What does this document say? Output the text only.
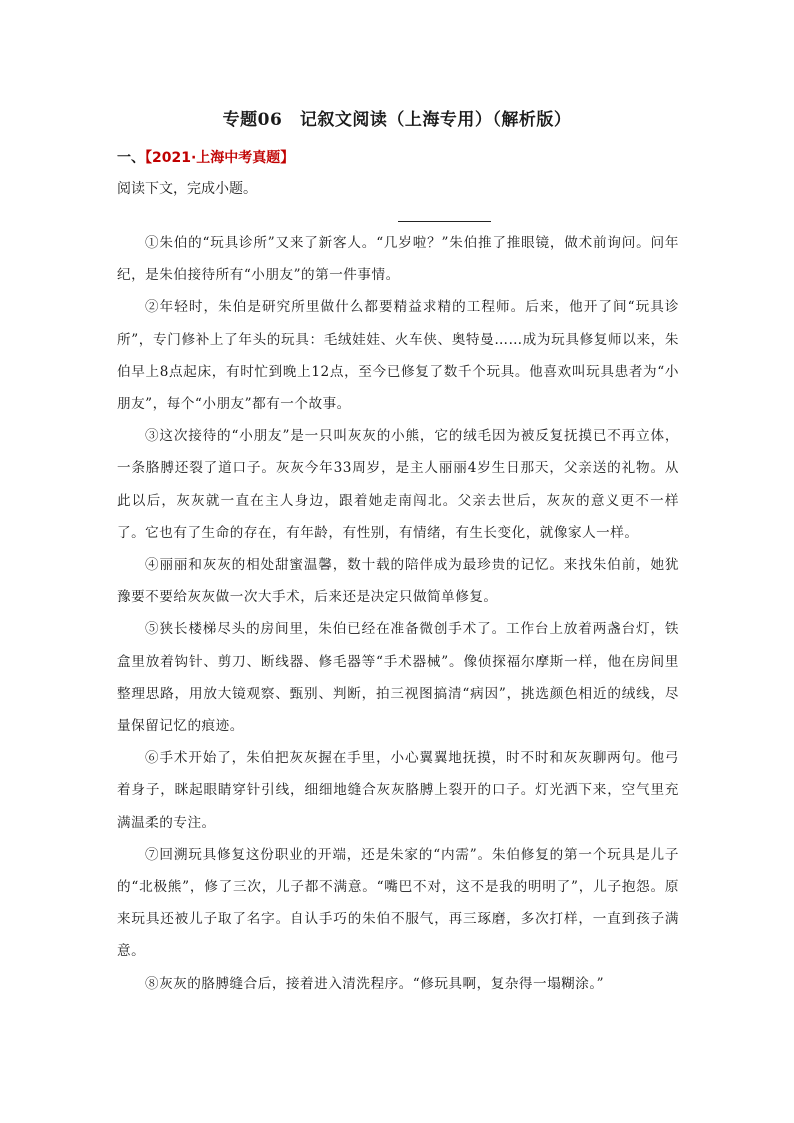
专题06　记叙文阅读（上海专用）（解析版）
一、【2021·上海中考真题】
阅读下文，完成小题。

①朱伯的“玩具诊所”又来了新客人。“几岁啦？”朱伯推了推眼镜，做术前询问。问年纪，是朱伯接待所有“小朋友”的第一件事情。

②年轻时，朱伯是研究所里做什么都要精益求精的工程师。后来，他开了间“玩具诊所”，专门修补上了年头的玩具：毛绒娃娃、火车侠、奥特曼……成为玩具修复师以来，朱伯早上8点起床，有时忙到晚上12点，至今已修复了数千个玩具。他喜欢叫玩具患者为“小朋友”，每个“小朋友”都有一个故事。

③这次接待的“小朋友”是一只叫灰灰的小熊，它的绒毛因为被反复抚摸已不再立体，一条胳膊还裂了道口子。灰灰今年33周岁，是主人丽丽4岁生日那天，父亲送的礼物。从此以后，灰灰就一直在主人身边，跟着她走南闯北。父亲去世后，灰灰的意义更不一样了。它也有了生命的存在，有年龄，有性别，有情绪，有生长变化，就像家人一样。

④丽丽和灰灰的相处甜蜜温馨，数十载的陪伴成为最珍贵的记忆。来找朱伯前，她犹豫要不要给灰灰做一次大手术，后来还是决定只做简单修复。

⑤狭长楼梯尽头的房间里，朱伯已经在准备微创手术了。工作台上放着两盏台灯，铁盒里放着钩针、剪刀、断线器、修毛器等“手术器械”。像侦探福尔摩斯一样，他在房间里整理思路，用放大镜观察、甄别、判断，拍三视图搞清“病因”，挑选颜色相近的绒线，尽量保留记忆的痕迹。

⑥手术开始了，朱伯把灰灰握在手里，小心翼翼地抚摸，时不时和灰灰聊两句。他弓着身子，眯起眼睛穿针引线，细细地缝合灰灰胳膊上裂开的口子。灯光洒下来，空气里充满温柔的专注。

⑦回溯玩具修复这份职业的开端，还是朱家的“内需”。朱伯修复的第一个玩具是儿子的“北极熊”，修了三次，儿子都不满意。“嘴巴不对，这不是我的明明了”，儿子抱怨。原来玩具还被儿子取了名字。自认手巧的朱伯不服气，再三琢磨，多次打样，一直到孩子满意。

⑧灰灰的胳膊缝合后，接着进入清洗程序。“修玩具啊，复杂得一塌糊涂。”
